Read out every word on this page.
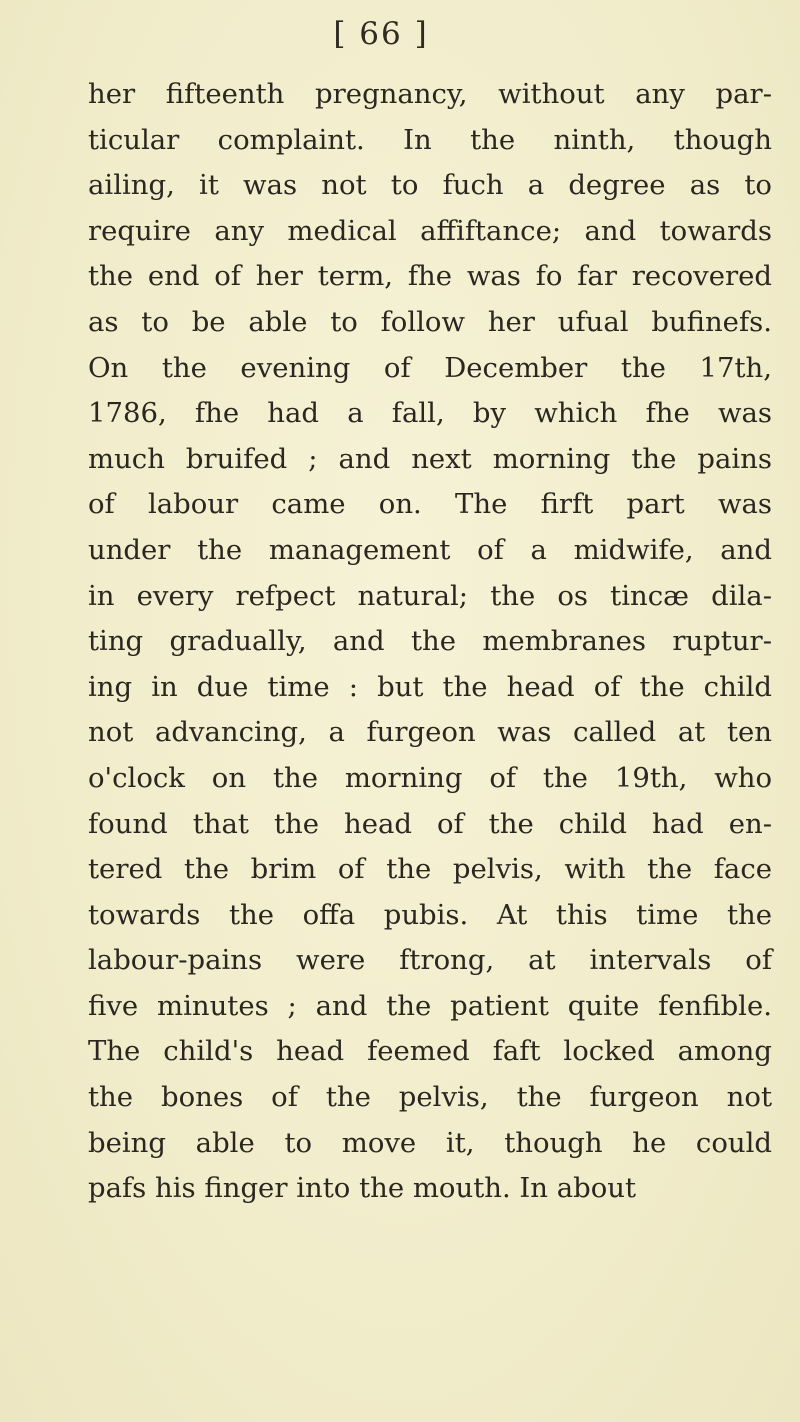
[ 66 ]
her fifteenth pregnancy, without any par-
ticular complaint. In the ninth, though
ailing, it was not to fuch a degree as to
require any medical affiftance; and towards
the end of her term, fhe was fo far recovered
as to be able to follow her ufual bufinefs.
On the evening of December the 17th,
1786, fhe had a fall, by which fhe was
much bruifed ; and next morning the pains
of labour came on. The firft part was
under the management of a midwife, and
in every refpect natural; the os tincæ dila-
ting gradually, and the membranes ruptur-
ing in due time : but the head of the child
not advancing, a furgeon was called at ten
o'clock on the morning of the 19th, who
found that the head of the child had en-
tered the brim of the pelvis, with the face
towards the offa pubis. At this time the
labour-pains were ftrong, at intervals of
five minutes ; and the patient quite fenfible.
The child's head feemed faft locked among
the bones of the pelvis, the furgeon not
being able to move it, though he could
pafs his finger into the mouth. In about
